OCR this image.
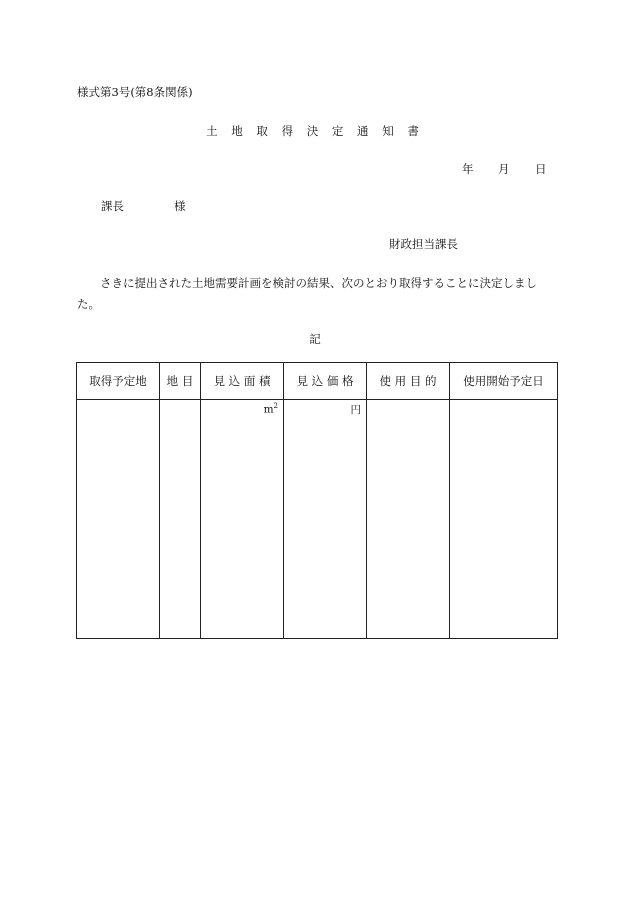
様式第3号(第8条関係)
土 地 取 得 決 定 通 知 書
年 月 日
課長	様
財政担当課長
さきに提出された土地需要計画を検討の結果、次のとおり取得することに決定しました。
記
取得予定地	地 目	見 込 面 積	見 込 価 格	使 用 目 的	使用開始予定日

		$m^2$	円		
